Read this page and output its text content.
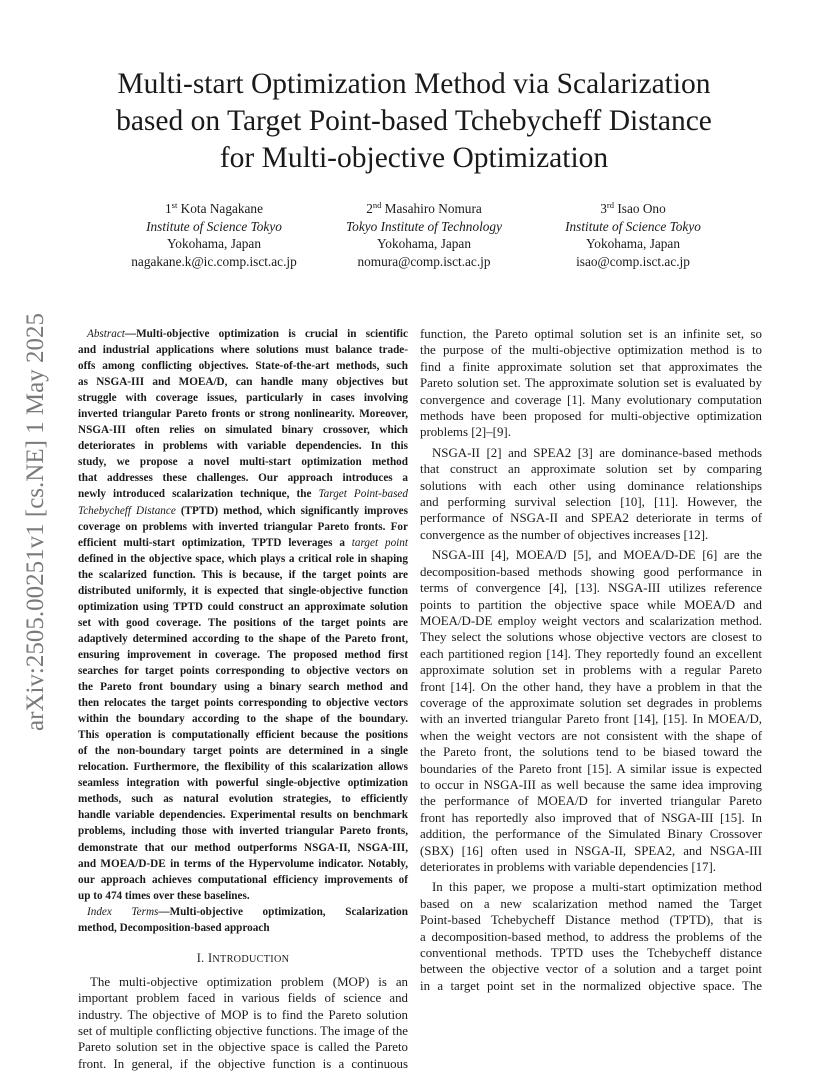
arXiv:2505.00251v1 [cs.NE] 1 May 2025
Multi-start Optimization Method via Scalarization
based on Target Point-based Tchebycheff Distance
for Multi-objective Optimization
1st Kota Nagakane
Institute of Science Tokyo
Yokohama, Japan
nagakane.k@ic.comp.isct.ac.jp
2nd Masahiro Nomura
Tokyo Institute of Technology
Yokohama, Japan
nomura@comp.isct.ac.jp
3rd Isao Ono
Institute of Science Tokyo
Yokohama, Japan
isao@comp.isct.ac.jp
Abstract—Multi-objective optimization is crucial in scientific
and industrial applications where solutions must balance trade-
offs among conflicting objectives. State-of-the-art methods, such
as NSGA-III and MOEA/D, can handle many objectives but
struggle with coverage issues, particularly in cases involving
inverted triangular Pareto fronts or strong nonlinearity. Moreover,
NSGA-III often relies on simulated binary crossover, which
deteriorates in problems with variable dependencies. In this
study, we propose a novel multi-start optimization method
that addresses these challenges. Our approach introduces a
newly introduced scalarization technique, the Target Point-based
Tchebycheff Distance (TPTD) method, which significantly improves
coverage on problems with inverted triangular Pareto fronts. For
efficient multi-start optimization, TPTD leverages a target point
defined in the objective space, which plays a critical role in shaping
the scalarized function. This is because, if the target points are
distributed uniformly, it is expected that single-objective function
optimization using TPTD could construct an approximate solution
set with good coverage. The positions of the target points are
adaptively determined according to the shape of the Pareto front,
ensuring improvement in coverage. The proposed method first
searches for target points corresponding to objective vectors on
the Pareto front boundary using a binary search method and
then relocates the target points corresponding to objective vectors
within the boundary according to the shape of the boundary.
This operation is computationally efficient because the positions
of the non-boundary target points are determined in a single
relocation. Furthermore, the flexibility of this scalarization allows
seamless integration with powerful single-objective optimization
methods, such as natural evolution strategies, to efficiently
handle variable dependencies. Experimental results on benchmark
problems, including those with inverted triangular Pareto fronts,
demonstrate that our method outperforms NSGA-II, NSGA-III,
and MOEA/D-DE in terms of the Hypervolume indicator. Notably,
our approach achieves computational efficiency improvements of
up to 474 times over these baselines.
Index Terms—Multi-objective optimization, Scalarization
method, Decomposition-based approach
I. INTRODUCTION
The multi-objective optimization problem (MOP) is an
important problem faced in various fields of science and
industry. The objective of MOP is to find the Pareto solution
set of multiple conflicting objective functions. The image of the
Pareto solution set in the objective space is called the Pareto
front. In general, if the objective function is a continuous
function, the Pareto optimal solution set is an infinite set, so
the purpose of the multi-objective optimization method is to
find a finite approximate solution set that approximates the
Pareto solution set. The approximate solution set is evaluated by
convergence and coverage [1]. Many evolutionary computation
methods have been proposed for multi-objective optimization
problems [2]–[9].
NSGA-II [2] and SPEA2 [3] are dominance-based methods
that construct an approximate solution set by comparing
solutions with each other using dominance relationships
and performing survival selection [10], [11]. However, the
performance of NSGA-II and SPEA2 deteriorate in terms of
convergence as the number of objectives increases [12].
NSGA-III [4], MOEA/D [5], and MOEA/D-DE [6] are the
decomposition-based methods showing good performance in
terms of convergence [4], [13]. NSGA-III utilizes reference
points to partition the objective space while MOEA/D and
MOEA/D-DE employ weight vectors and scalarization method.
They select the solutions whose objective vectors are closest to
each partitioned region [14]. They reportedly found an excellent
approximate solution set in problems with a regular Pareto
front [14]. On the other hand, they have a problem in that the
coverage of the approximate solution set degrades in problems
with an inverted triangular Pareto front [14], [15]. In MOEA/D,
when the weight vectors are not consistent with the shape of
the Pareto front, the solutions tend to be biased toward the
boundaries of the Pareto front [15]. A similar issue is expected
to occur in NSGA-III as well because the same idea improving
the performance of MOEA/D for inverted triangular Pareto
front has reportedly also improved that of NSGA-III [15]. In
addition, the performance of the Simulated Binary Crossover
(SBX) [16] often used in NSGA-II, SPEA2, and NSGA-III
deteriorates in problems with variable dependencies [17].
In this paper, we propose a multi-start optimization method
based on a new scalarization method named the Target
Point-based Tchebycheff Distance method (TPTD), that is
a decomposition-based method, to address the problems of the
conventional methods. TPTD uses the Tchebycheff distance
between the objective vector of a solution and a target point
in a target point set in the normalized objective space. The
